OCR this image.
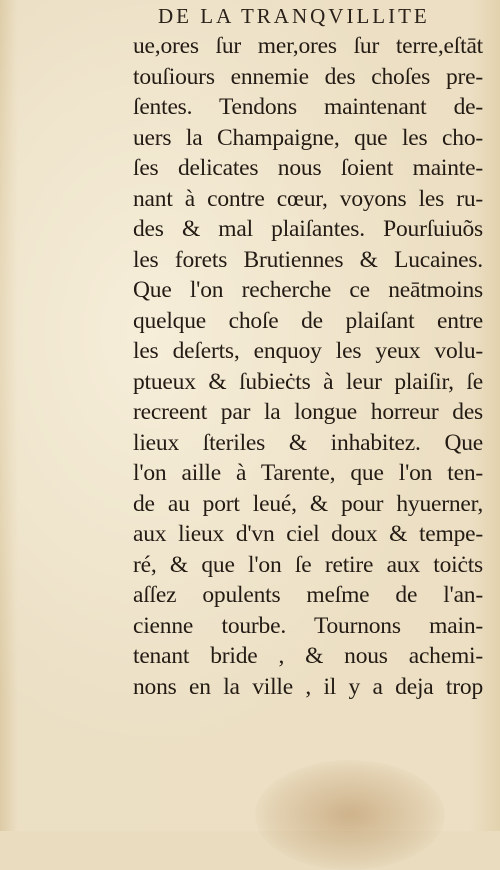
DE LA TRANQVILLITE
ue,ores ſur mer,ores ſur terre,eſtāt
touſiours ennemie des choſes pre-
ſentes. Tendons maintenant de-
uers la Champaigne, que les cho-
ſes delicates nous ſoient mainte-
nant à contre cœur, voyons les ru-
des & mal plaiſantes. Pourſuiuõs
les forets Brutiennes & Lucaines.
Que l'on recherche ce neātmoins
quelque choſe de plaiſant entre
les deſerts, enquoy les yeux volu-
ptueux & ſubieċts à leur plaiſir, ſe
recreent par la longue horreur des
lieux ſteriles & inhabitez. Que
l'on aille à Tarente, que l'on ten-
de au port leué, & pour hyuerner,
aux lieux d'vn ciel doux & tempe-
ré, & que l'on ſe retire aux toiċts
aſſez opulents meſme de l'an-
cienne tourbe. Tournons main-
tenant bride , & nous achemi-
nons en la ville , il y a deja trop
